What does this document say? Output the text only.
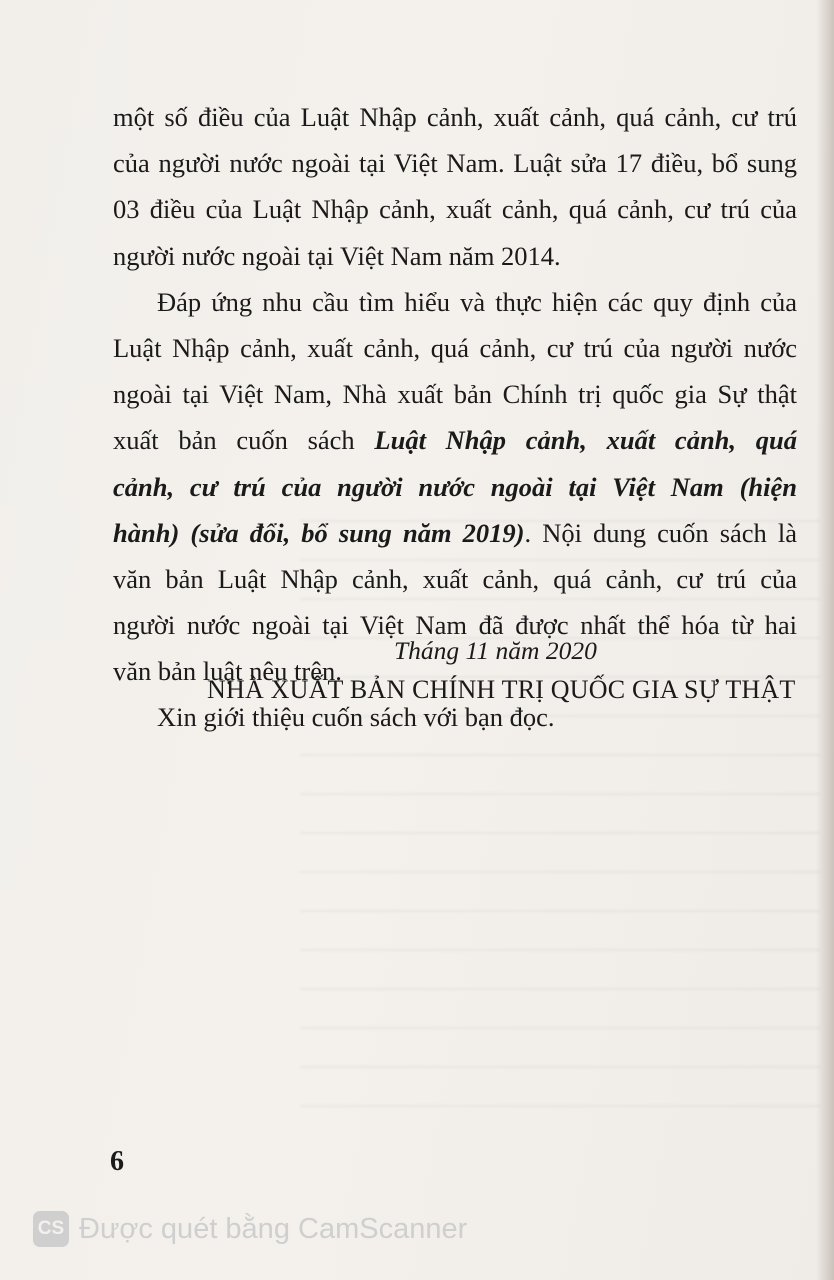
một số điều của Luật Nhập cảnh, xuất cảnh, quá cảnh, cư trú
của người nước ngoài tại Việt Nam. Luật sửa 17 điều, bổ sung
03 điều của Luật Nhập cảnh, xuất cảnh, quá cảnh, cư trú của
người nước ngoài tại Việt Nam năm 2014.
Đáp ứng nhu cầu tìm hiểu và thực hiện các quy định của
Luật Nhập cảnh, xuất cảnh, quá cảnh, cư trú của người nước
ngoài tại Việt Nam, Nhà xuất bản Chính trị quốc gia Sự thật
xuất bản cuốn sách Luật Nhập cảnh, xuất cảnh, quá
cảnh, cư trú của người nước ngoài tại Việt Nam (hiện
hành) (sửa đổi, bổ sung năm 2019). Nội dung cuốn sách là
văn bản Luật Nhập cảnh, xuất cảnh, quá cảnh, cư trú của
người nước ngoài tại Việt Nam đã được nhất thể hóa từ hai
văn bản luật nêu trên.
Xin giới thiệu cuốn sách với bạn đọc.
Tháng 11 năm 2020
NHÀ XUẤT BẢN CHÍNH TRỊ QUỐC GIA SỰ THẬT
6
CS Được quét bằng CamScanner
